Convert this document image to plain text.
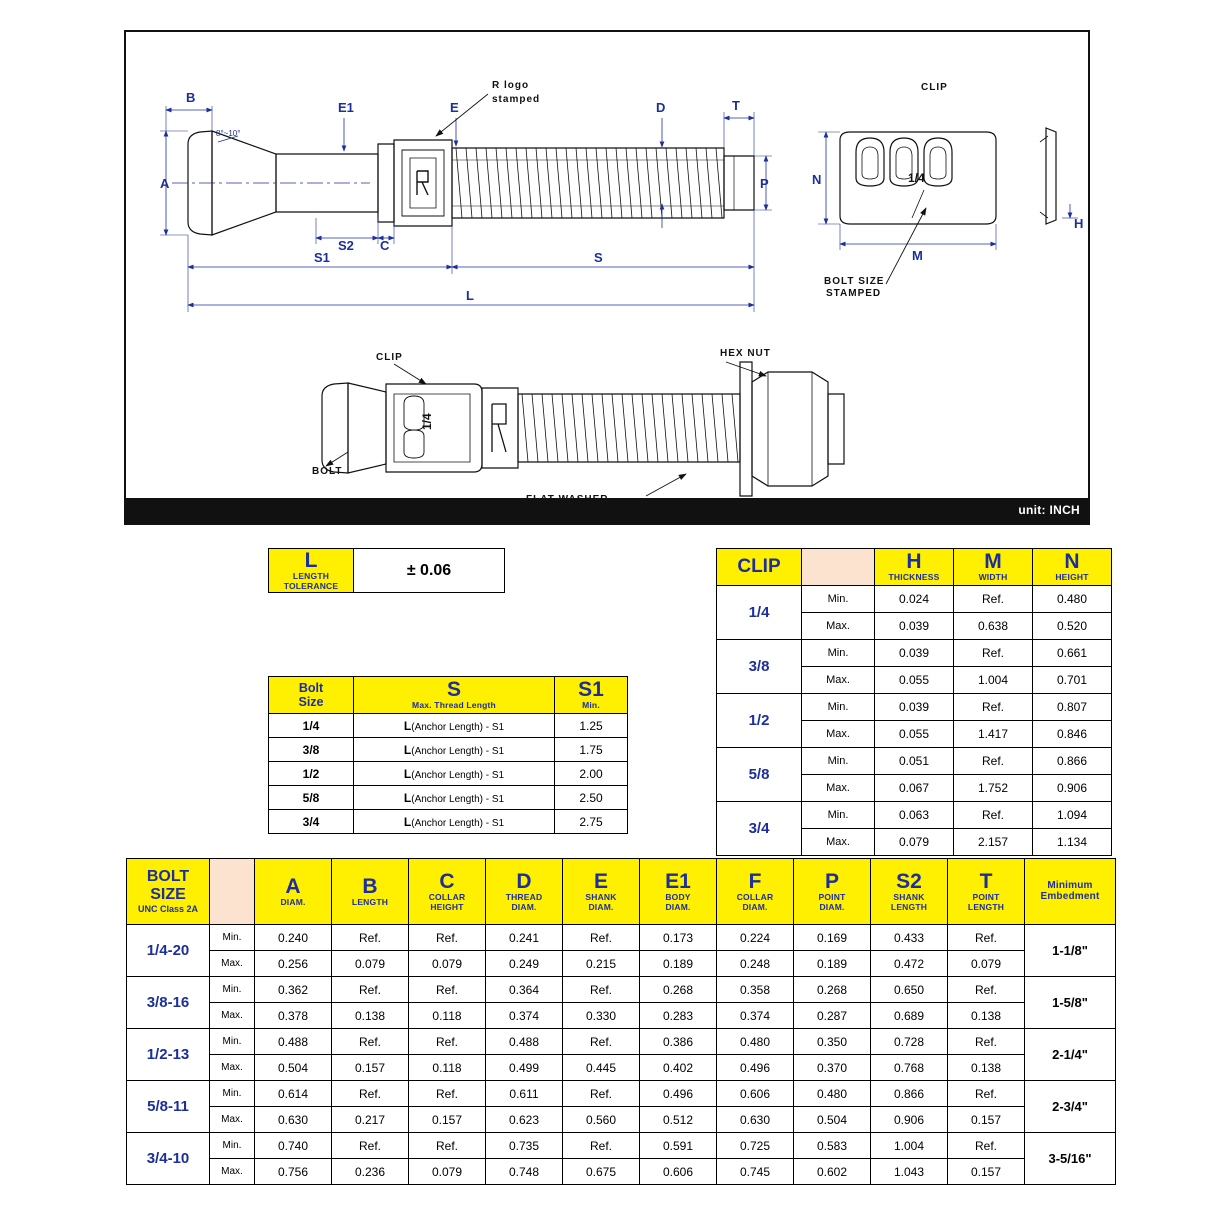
A
B
E1	E	D	T
P
S2 C
S1	S
L
N
M
H
8°~10°
R logo
stamped
CLIP
BOLT SIZE
STAMPED
CLIP
BOLT
HEX NUT
1/4
1/4
unit: INCH
L
LENGTH
TOLERANCE
	± 0.06
Bolt
Size

S
Max. Thread Length

S1
Min.

1/4	L(Anchor Length) - S1	1.25
3/8	L(Anchor Length) - S1	1.75
1/2	L(Anchor Length) - S1	2.00
5/8	L(Anchor Length) - S1	2.50
3/4	L(Anchor Length) - S1	2.75
CLIP		H
THICKNESS

M
WIDTH

N
HEIGHT

1/4	Min.	0.024	Ref.	0.480
	Max.	0.039	0.638	0.520
3/8	Min.	0.039	Ref.	0.661
	Max.	0.055	1.004	0.701
1/2	Min.	0.039	Ref.	0.807
	Max.	0.055	1.417	0.846
5/8	Min.	0.051	Ref.	0.866
	Max.	0.067	1.752	0.906
3/4	Min.	0.063	Ref.	1.094
	Max.	0.079	2.157	1.134
BOLT
SIZE
UNC Class 2A

A
DIAM.

B
LENGTH

C
COLLAR
HEIGHT

D
THREAD
DIAM.

E
SHANK
DIAM.

E1
BODY
DIAM.

F
COLLAR
DIAM.

P
POINT
DIAM.

S2
SHANK
LENGTH

T
POINT
LENGTH

Minimum
Embedment

1/4-20	Min.	0.240	Ref.	Ref.	0.241	Ref.	0.173	0.224	0.169	0.433	Ref.	1-1/8"
	Max.	0.256	0.079	0.079	0.249	0.215	0.189	0.248	0.189	0.472	0.079	
3/8-16	Min.	0.362	Ref.	Ref.	0.364	Ref.	0.268	0.358	0.268	0.650	Ref.	1-5/8"
	Max.	0.378	0.138	0.118	0.374	0.330	0.283	0.374	0.287	0.689	0.138	
1/2-13	Min.	0.488	Ref.	Ref.	0.488	Ref.	0.386	0.480	0.350	0.728	Ref.	2-1/4"
	Max.	0.504	0.157	0.118	0.499	0.445	0.402	0.496	0.370	0.768	0.138	
5/8-11	Min.	0.614	Ref.	Ref.	0.611	Ref.	0.496	0.606	0.480	0.866	Ref.	2-3/4"
	Max.	0.630	0.217	0.157	0.623	0.560	0.512	0.630	0.504	0.906	0.157	
3/4-10	Min.	0.740	Ref.	Ref.	0.735	Ref.	0.591	0.725	0.583	1.004	Ref.	3-5/16"
	Max.	0.756	0.236	0.079	0.748	0.675	0.606	0.745	0.602	1.043	0.157	
